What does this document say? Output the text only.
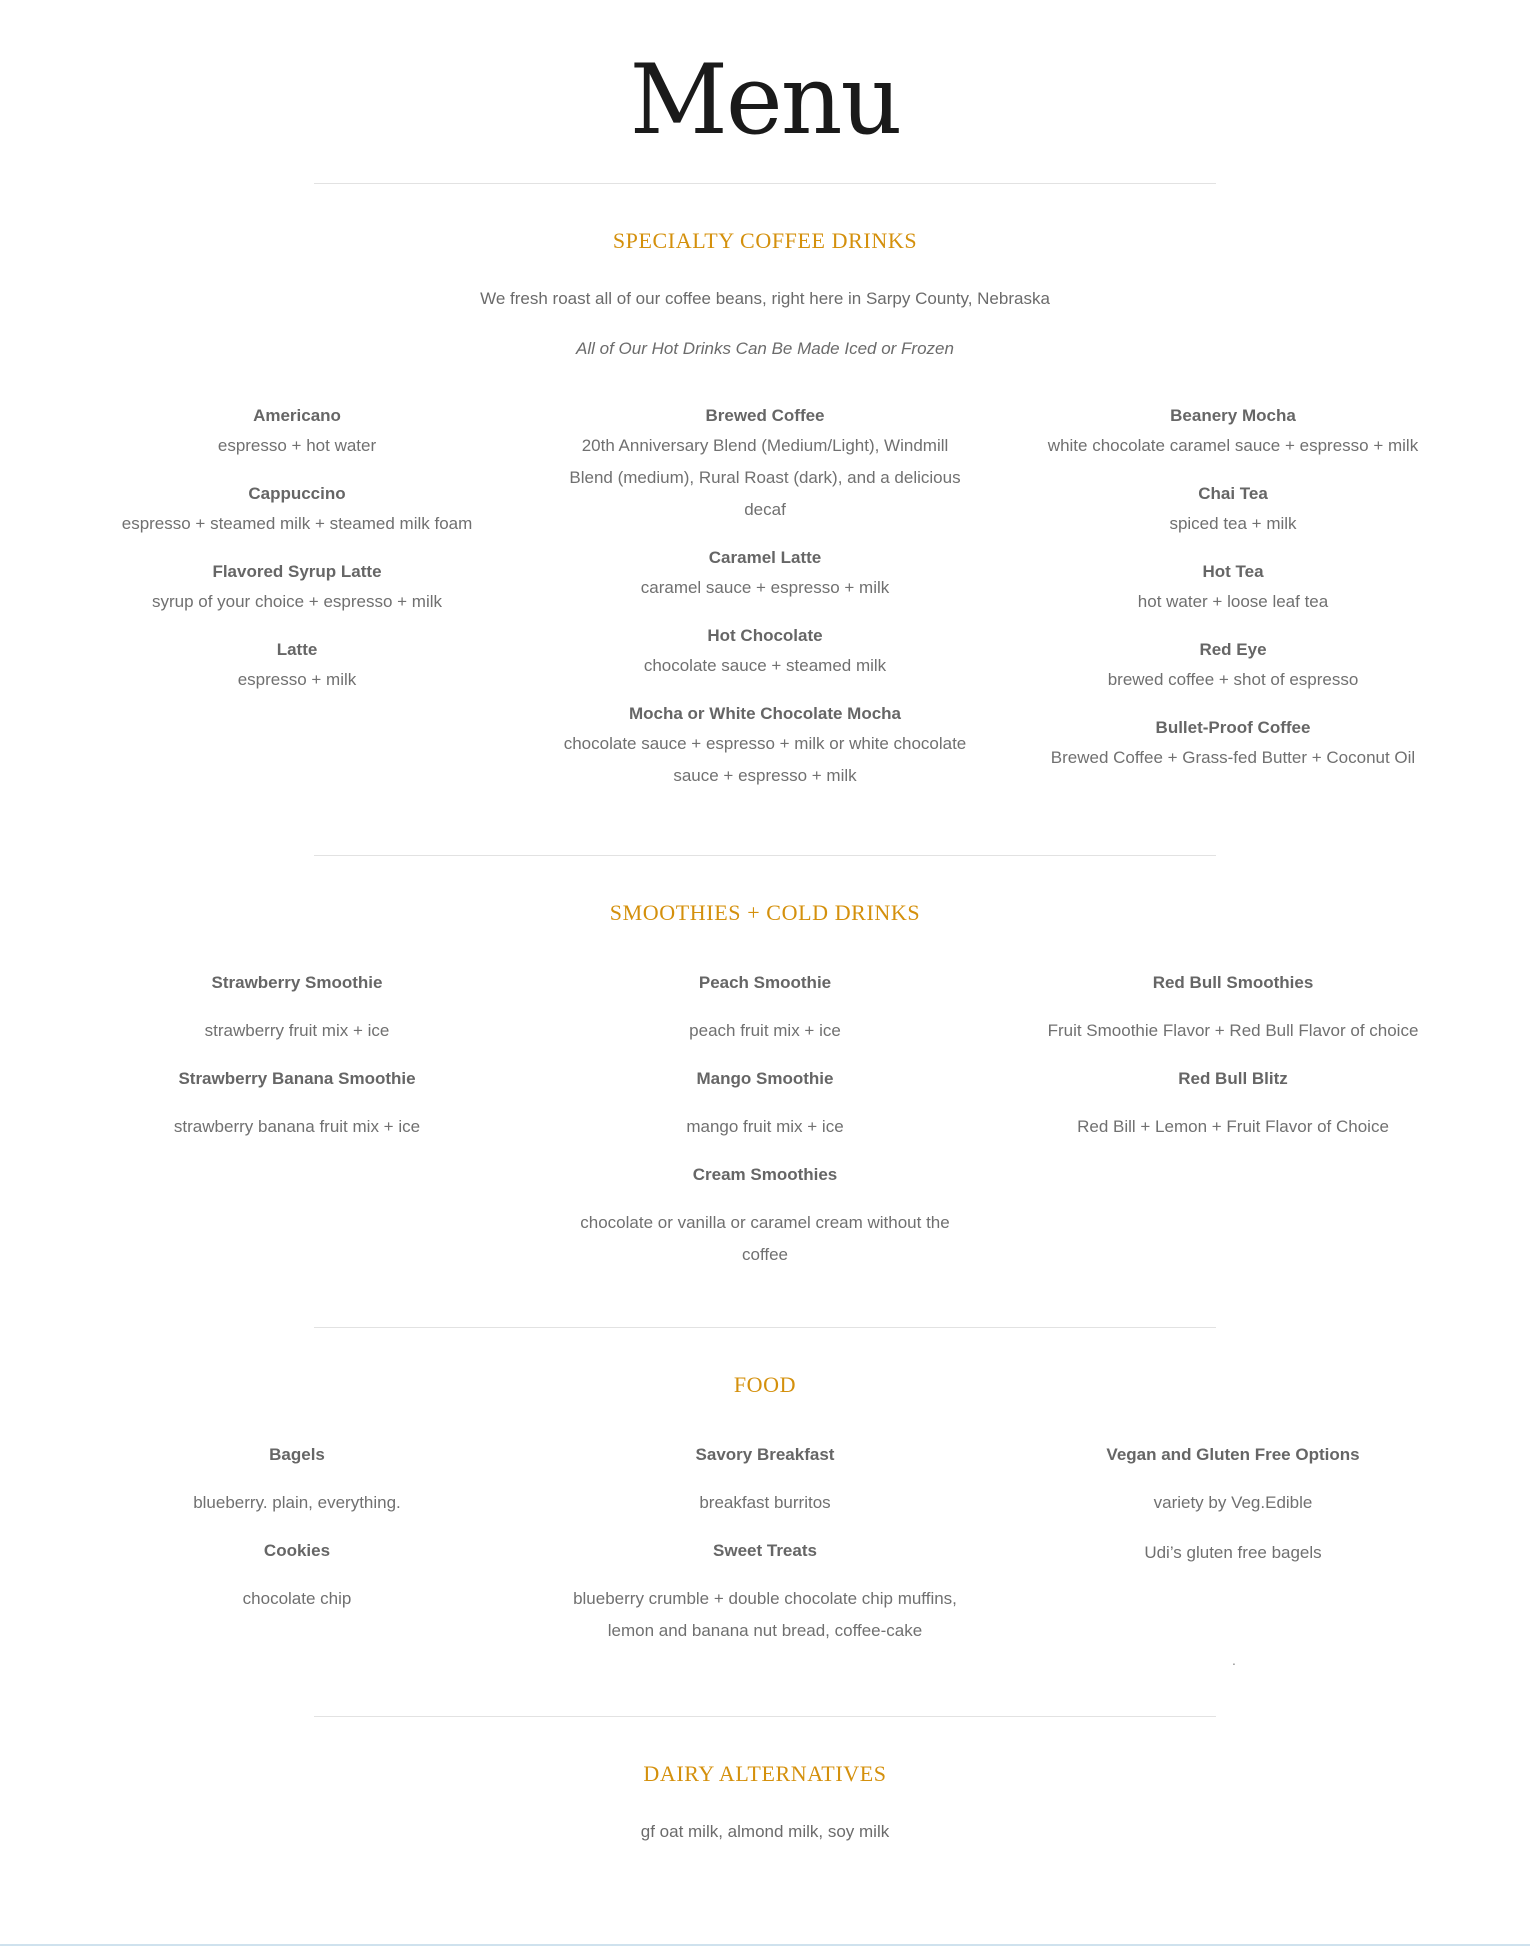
Menu
SPECIALTY COFFEE DRINKS

We fresh roast all of our coffee beans, right here in Sarpy County, Nebraska

All of Our Hot Drinks Can Be Made Iced or Frozen

Americano

espresso + hot water

Cappuccino

espresso + steamed milk + steamed milk foam

Flavored Syrup Latte

syrup of your choice + espresso + milk

Latte

espresso + milk

Brewed Coffee

20th Anniversary Blend (Medium/Light), Windmill Blend (medium), Rural Roast (dark), and a delicious decaf

Caramel Latte

caramel sauce + espresso + milk

Hot Chocolate

chocolate sauce + steamed milk

Mocha or White Chocolate Mocha

chocolate sauce + espresso + milk or white chocolate sauce + espresso + milk

Beanery Mocha

white chocolate caramel sauce + espresso + milk

Chai Tea

spiced tea + milk

Hot Tea

hot water + loose leaf tea

Red Eye

brewed coffee + shot of espresso

Bullet-Proof Coffee

Brewed Coffee + Grass-fed Butter + Coconut Oil

SMOOTHIES + COLD DRINKS

Strawberry Smoothie

strawberry fruit mix + ice

Strawberry Banana Smoothie

strawberry banana fruit mix + ice

Peach Smoothie

peach fruit mix + ice

Mango Smoothie

mango fruit mix + ice

Cream Smoothies

chocolate or vanilla or caramel cream without the coffee

Red Bull Smoothies

Fruit Smoothie Flavor + Red Bull Flavor of choice

Red Bull Blitz

Red Bill + Lemon + Fruit Flavor of Choice

FOOD

Bagels

blueberry. plain, everything.

Cookies

chocolate chip

Savory Breakfast

breakfast burritos

Sweet Treats

blueberry crumble + double chocolate chip muffins, lemon and banana nut bread, coffee-cake

Vegan and Gluten Free Options

variety by Veg.Edible

Udi’s gluten free bagels

.
DAIRY ALTERNATIVES

gf oat milk, almond milk, soy milk
